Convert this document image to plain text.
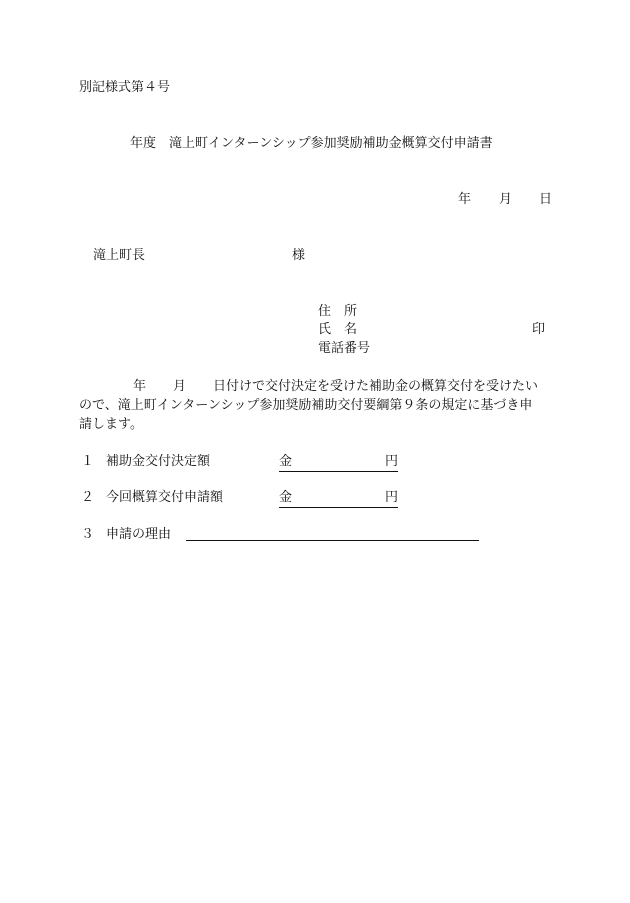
別記様式第４号
年度　滝上町インターンシップ参加奨励補助金概算交付申請書
年 月 日
滝上町長	様
住　所
氏　名	印
電話番号
年 月 日付けで交付決定を受けた補助金の概算交付を受けたい
ので、滝上町インターンシップ参加奨励補助交付要綱第９条の規定に基づき申
請します。
１ 補助金交付決定額	金	円
２ 今回概算交付申請額	金	円
３ 申請の理由
